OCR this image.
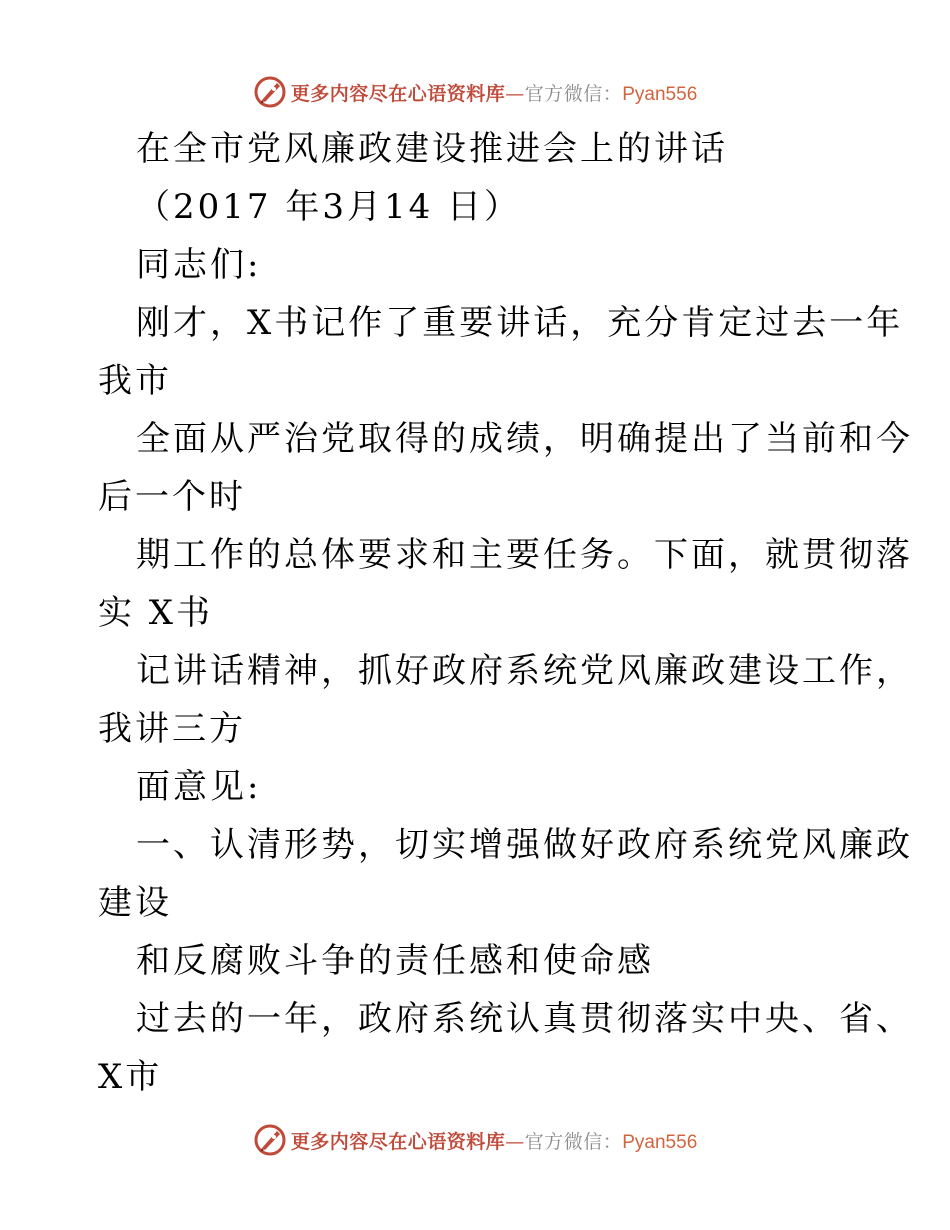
更多内容尽在心语资料库—官方微信：Pyan556
在全市党风廉政建设推进会上的讲话
（2017 年3月14 日）
同志们:
刚才，X书记作了重要讲话，充分肯定过去一年
我市
全面从严治党取得的成绩，明确提出了当前和今
后一个时
期工作的总体要求和主要任务。下面，就贯彻落
实 X书
记讲话精神，抓好政府系统党风廉政建设工作，
我讲三方
面意见:
一、认清形势，切实增强做好政府系统党风廉政
建设
和反腐败斗争的责任感和使命感
过去的一年，政府系统认真贯彻落实中央、省、
X市
更多内容尽在心语资料库—官方微信：Pyan556
